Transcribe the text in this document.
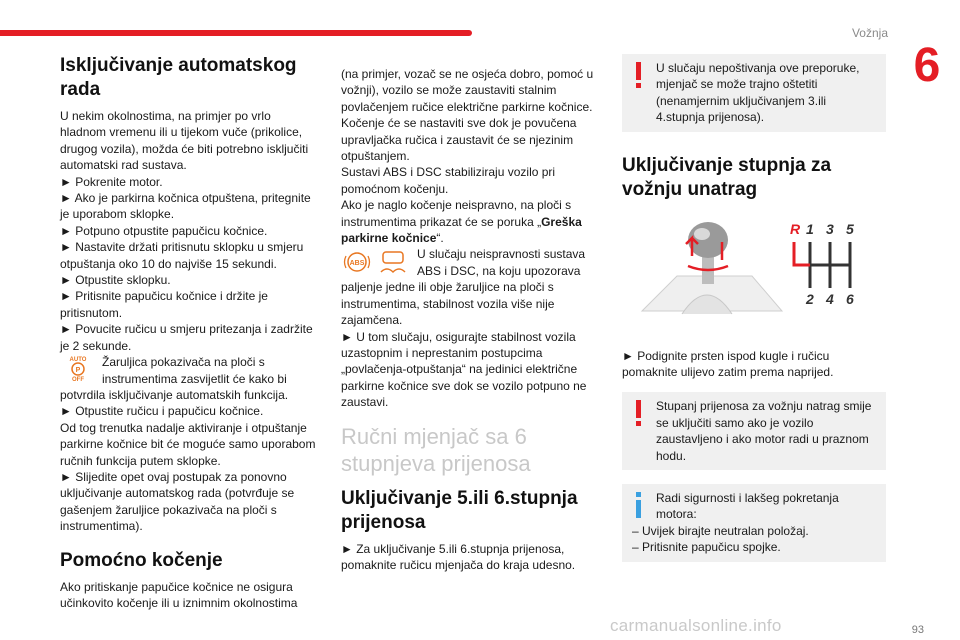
Vožnja
6
Isključivanje automatskog rada

U nekim okolnostima, na primjer po vrlo hladnom vremenu ili u tijekom vuče (prikolice, drugog vozila), možda će biti potrebno isključiti automatski rad sustava.

► Pokrenite motor.

► Ako je parkirna kočnica otpuštena, pritegnite je uporabom sklopke.

► Potpuno otpustite papučicu kočnice.

► Nastavite držati pritisnutu sklopku u smjeru otpuštanja oko 10 do najviše 15 sekundi.

► Otpustite sklopku.

► Pritisnite papučicu kočnice i držite je pritisnutom.

► Povucite ručicu u smjeru pritezanja i zadržite je 2 sekunde.

AUTO
P
OFF

Žaruljica pokazivača na ploči s instrumentima zasvijetlit će kako bi potvrdila isključivanje automatskih funkcija.

► Otpustite ručicu i papučicu kočnice.

Od tog trenutka nadalje aktiviranje i otpuštanje parkirne kočnice bit će moguće samo uporabom ručnih funkcija putem sklopke.

► Slijedite opet ovaj postupak za ponovno uključivanje automatskog rada (potvrđuje se gašenjem žaruljice pokazivača na ploči s instrumentima).

Pomoćno kočenje

Ako pritiskanje papučice kočnice ne osigura učinkovito kočenje ili u iznimnim okolnostima

(na primjer, vozač se ne osjeća dobro, pomoć u vožnji), vozilo se može zaustaviti stalnim povlačenjem ručice električne parkirne kočnice.

Kočenje će se nastaviti sve dok je povučena upravljačka ručica i zaustavit će se njezinim otpuštanjem.

Sustavi ABS i DSC stabiliziraju vozilo pri pomoćnom kočenju.

Ako je naglo kočenje neispravno, na ploči s instrumentima prikazat će se poruka „Greška parkirne kočnice“.

ABS

U slučaju neispravnosti sustava ABS i DSC, na koju upozorava paljenje jedne ili obje žaruljice na ploči s instrumentima, stabilnost vozila više nije zajamčena.

► U tom slučaju, osigurajte stabilnost vozila uzastopnim i neprestanim postupcima „povlačenja-otpuštanja“ na jedinici električne parkirne kočnice sve dok se vozilo potpuno ne zaustavi.

Ručni mjenjač sa 6 stupnjeva prijenosa
Uključivanje 5.ili 6.stupnja prijenosa

► Za uključivanje 5.ili 6.stupnja prijenosa, pomaknite ručicu mjenjača do kraja udesno.

U slučaju nepoštivanja ove preporuke, mjenjač se može trajno oštetiti (nenamjernim uključivanjem 3.ili 4.stupnja prijenosa).
Uključivanje stupnja za vožnju unatrag
R 1 3 5
2 4 6

► Podignite prsten ispod kugle i ručicu pomaknite ulijevo zatim prema naprijed.

Stupanj prijenosa za vožnju natrag smije se uključiti samo ako je vozilo zaustavljeno i ako motor radi u praznom hodu.
Radi sigurnosti i lakšeg pokretanja motora:
– Uvijek birajte neutralan položaj.
– Pritisnite papučicu spojke.
carmanualsonline.info	93
